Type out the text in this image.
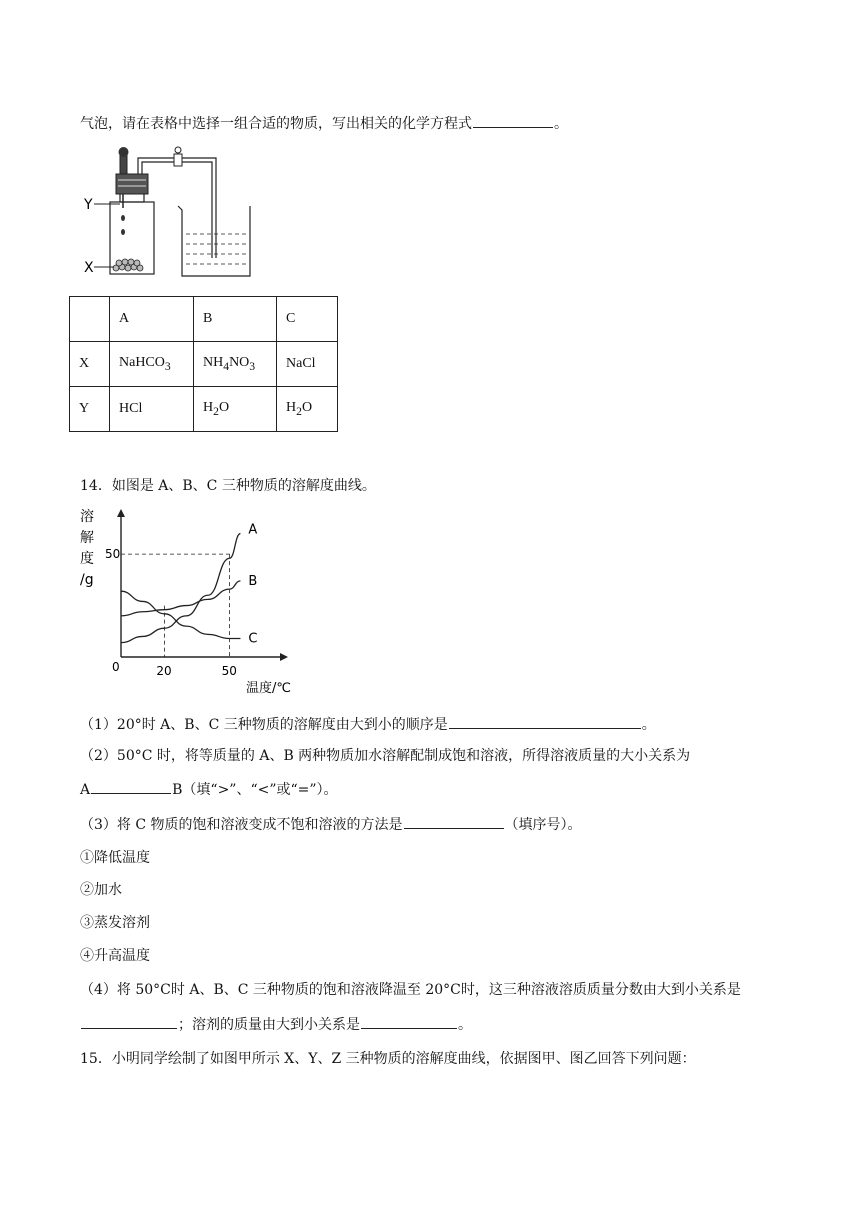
气泡，请在表格中选择一组合适的物质，写出相关的化学方程式	。
Y
X
	A	B	C
X	NaHCO$_3$	$NH_4NO_3$	NaCl
Y	HCl	$H_2O$	$H_2O$
14．如图是 A、B、C 三种物质的溶解度曲线。
溶
解
度
/g
0	20	50
50
温度/℃
A
B
C
（1）20°时 A、B、C 三种物质的溶解度由大到小的顺序是	。
（2）50°C 时，将等质量的 A、B 两种物质加水溶解配制成饱和溶液，所得溶液质量的大小关系为
A	B（填“>”、“<”或“=”）。
（3）将 C 物质的饱和溶液变成不饱和溶液的方法是	（填序号）。
①降低温度
②加水
③蒸发溶剂
④升高温度
（4）将 50°C时 A、B、C 三种物质的饱和溶液降温至 20°C时，这三种溶液溶质质量分数由大到小关系是
；溶剂的质量由大到小关系是	。
15．小明同学绘制了如图甲所示 X、Y、Z 三种物质的溶解度曲线，依据图甲、图乙回答下列问题：
